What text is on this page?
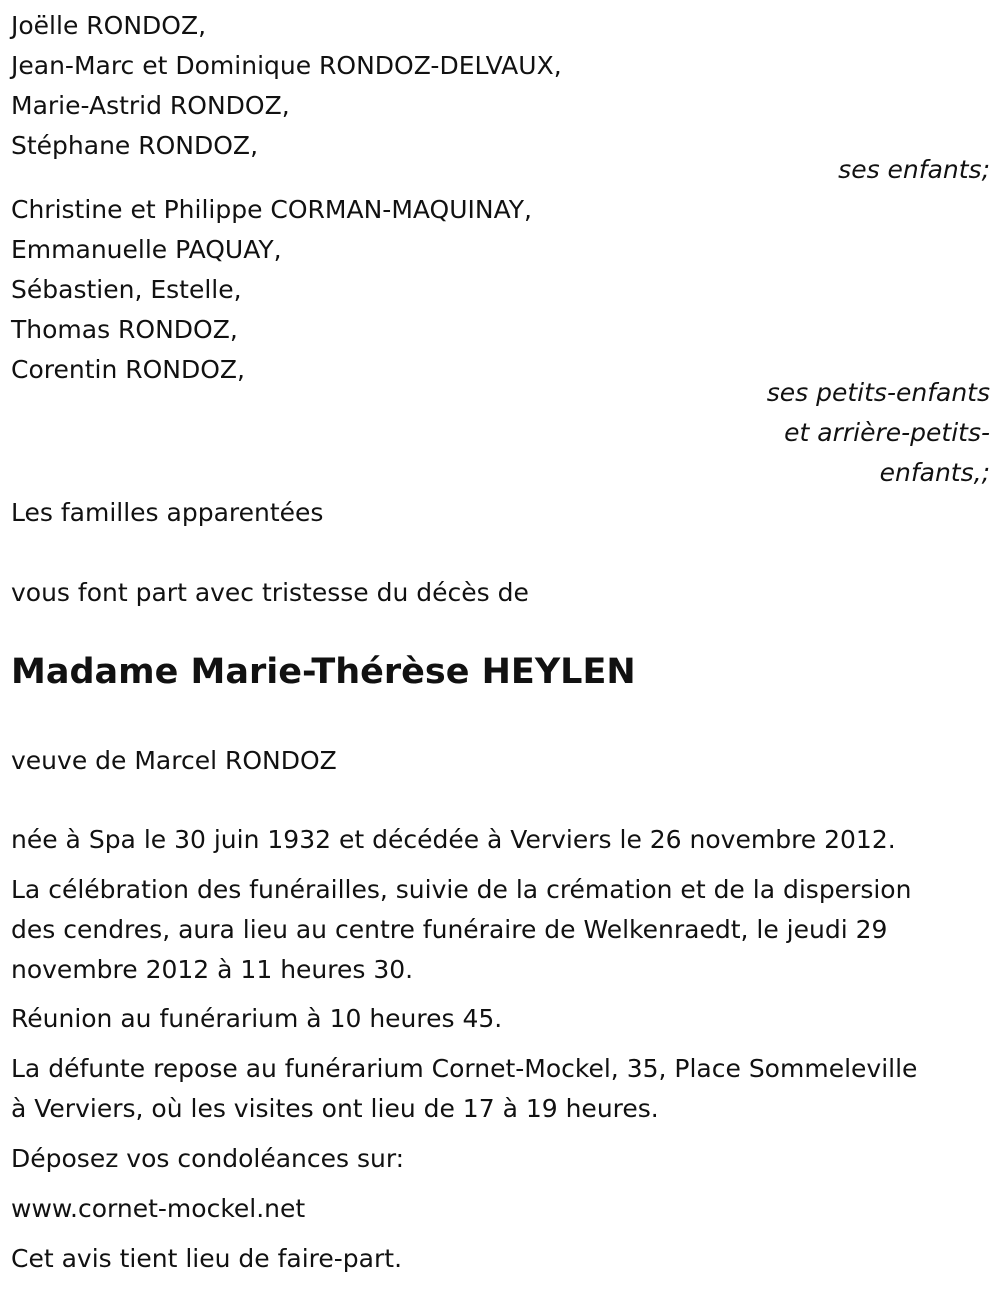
Joëlle RONDOZ,
Jean-Marc et Dominique RONDOZ-DELVAUX,
Marie-Astrid RONDOZ,
Stéphane RONDOZ,
ses enfants;
Christine et Philippe CORMAN-MAQUINAY,
Emmanuelle PAQUAY,
Sébastien, Estelle,
Thomas RONDOZ,
Corentin RONDOZ,
ses petits-enfants
et arrière-petits-
enfants,;
Les familles apparentées
vous font part avec tristesse du décès de
Madame Marie-Thérèse HEYLEN
veuve de Marcel RONDOZ
née à Spa le 30 juin 1932 et décédée à Verviers le 26 novembre 2012.
La célébration des funérailles, suivie de la crémation et de la dispersion
des cendres, aura lieu au centre funéraire de Welkenraedt, le jeudi 29
novembre 2012 à 11 heures 30.
Réunion au funérarium à 10 heures 45.
La défunte repose au funérarium Cornet-Mockel, 35, Place Sommeleville
à Verviers, où les visites ont lieu de 17 à 19 heures.
Déposez vos condoléances sur:
www.cornet-mockel.net
Cet avis tient lieu de faire-part.
